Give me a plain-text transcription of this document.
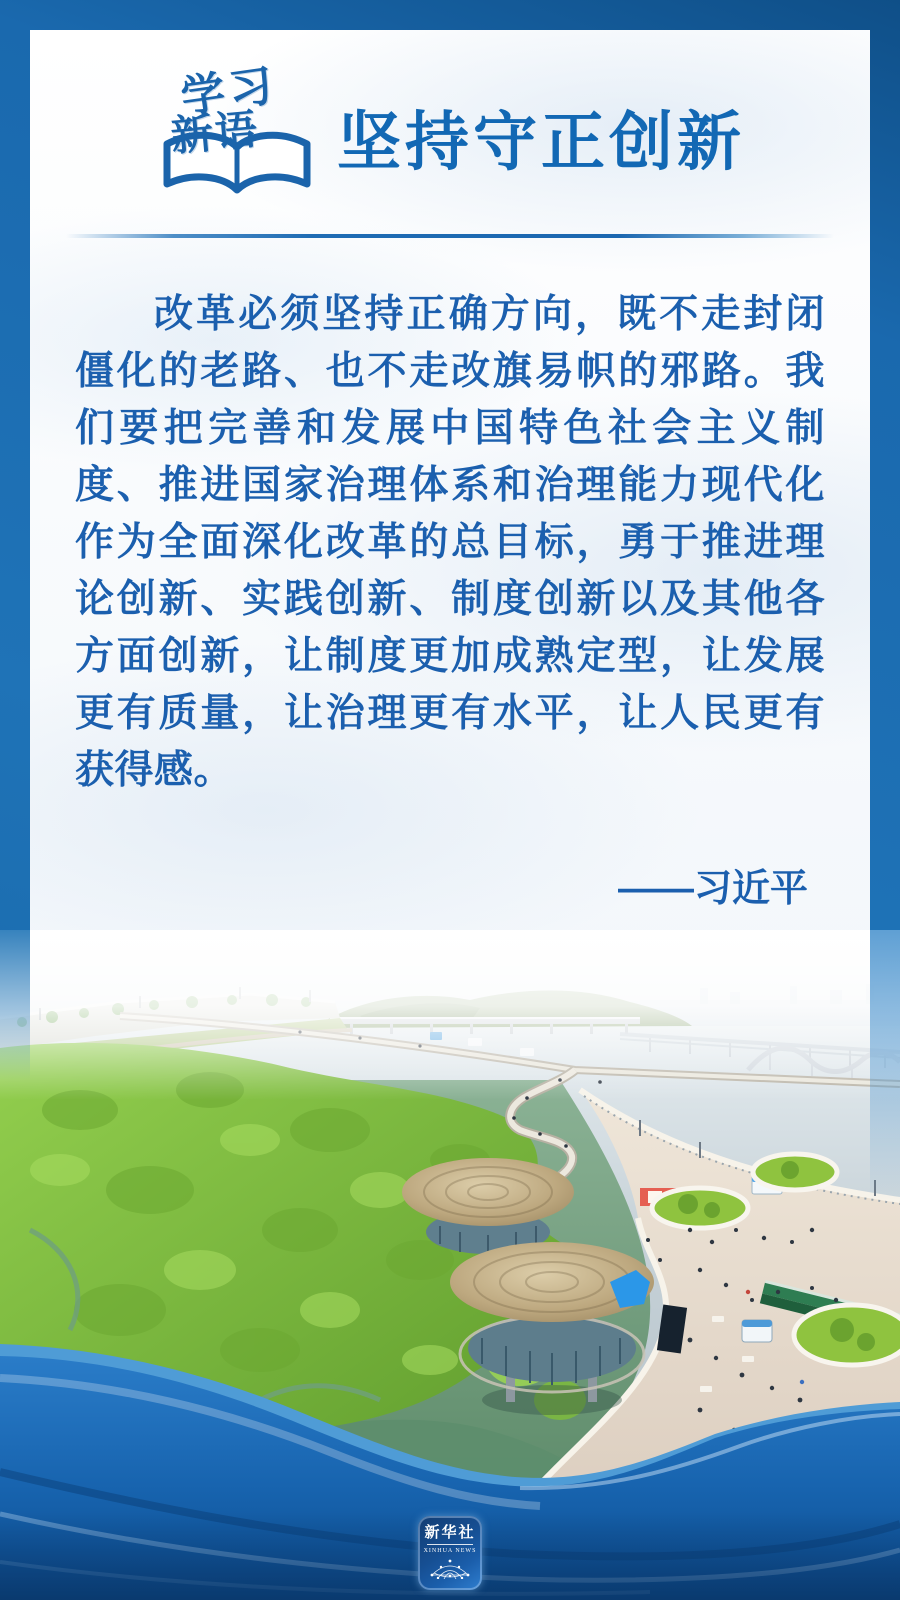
学习
新语 坚持守正创新

改革必须坚持正确方向，既不走封闭僵化的老路、也不走改旗易帜的邪路。我们要把完善和发展中国特色社会主义制度、推进国家治理体系和治理能力现代化作为全面深化改革的总目标，勇于推进理论创新、实践创新、制度创新以及其他各方面创新，让制度更加成熟定型，让发展更有质量，让治理更有水平，让人民更有获得感。

——习近平
新华社
XINHUA NEWS
